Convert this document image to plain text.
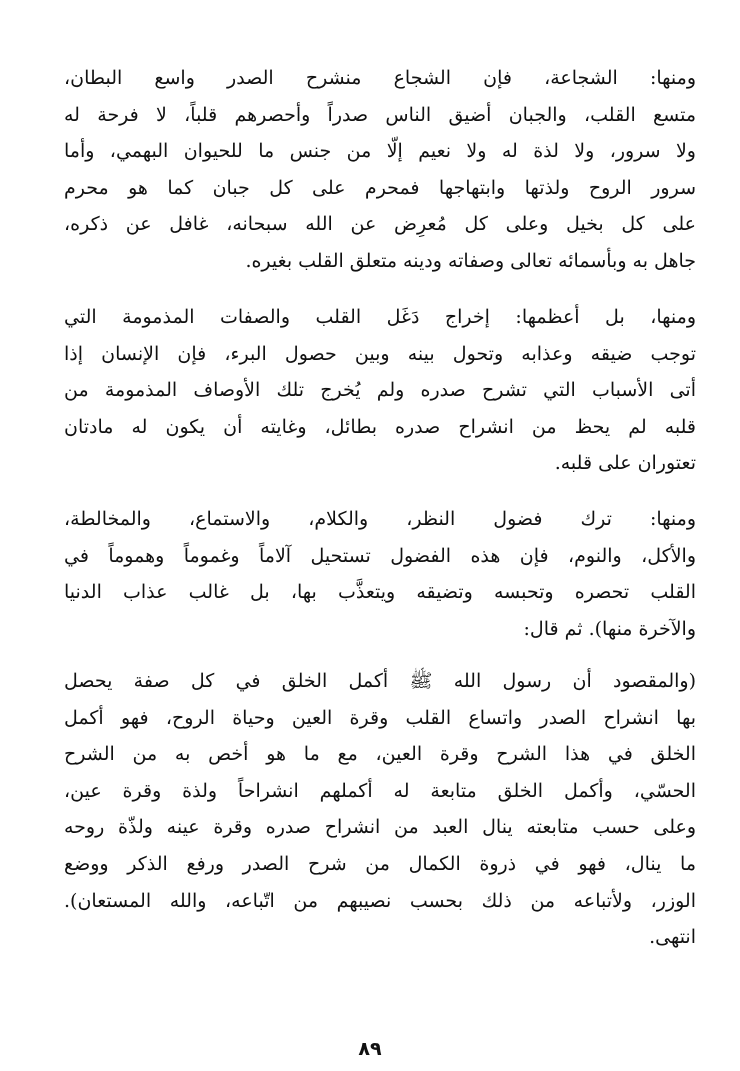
ومنها: الشجاعة، فإن الشجاع منشرح الصدر واسع البطان،
متسع القلب، والجبان أضيق الناس صدراً وأحصرهم قلباً، لا فرحة له
ولا سرور، ولا لذة له ولا نعيم إلّا من جنس ما للحيوان البهمي، وأما
سرور الروح ولذتها وابتهاجها فمحرم على كل جبان كما هو محرم
على كل بخيل وعلى كل مُعرِض عن الله سبحانه، غافل عن ذكره،
جاهل به وبأسمائه تعالى وصفاته ودينه متعلق القلب بغيره.
ومنها، بل أعظمها: إخراج دَغَل القلب والصفات المذمومة التي
توجب ضيقه وعذابه وتحول بينه وبين حصول البرء، فإن الإنسان إذا
أتى الأسباب التي تشرح صدره ولم يُخرج تلك الأوصاف المذمومة من
قلبه لم يحظ من انشراح صدره بطائل، وغايته أن يكون له مادتان
تعتوران على قلبه.
ومنها: ترك فضول النظر، والكلام، والاستماع، والمخالطة،
والأكل، والنوم، فإن هذه الفضول تستحيل آلاماً وغموماً وهموماً في
القلب تحصره وتحبسه وتضيقه ويتعذَّب بها، بل غالب عذاب الدنيا
والآخرة منها). ثم قال:
(والمقصود أن رسول الله ﷺ أكمل الخلق في كل صفة يحصل
بها انشراح الصدر واتساع القلب وقرة العين وحياة الروح، فهو أكمل
الخلق في هذا الشرح وقرة العين، مع ما هو أخص به من الشرح
الحسّي، وأكمل الخلق متابعة له أكملهم انشراحاً ولذة وقرة عين،
وعلى حسب متابعته ينال العبد من انشراح صدره وقرة عينه ولذّة روحه
ما ينال، فهو في ذروة الكمال من شرح الصدر ورفع الذكر ووضع
الوزر، ولأتباعه من ذلك بحسب نصيبهم من اتّباعه، والله المستعان).
انتهى.
٨٩
